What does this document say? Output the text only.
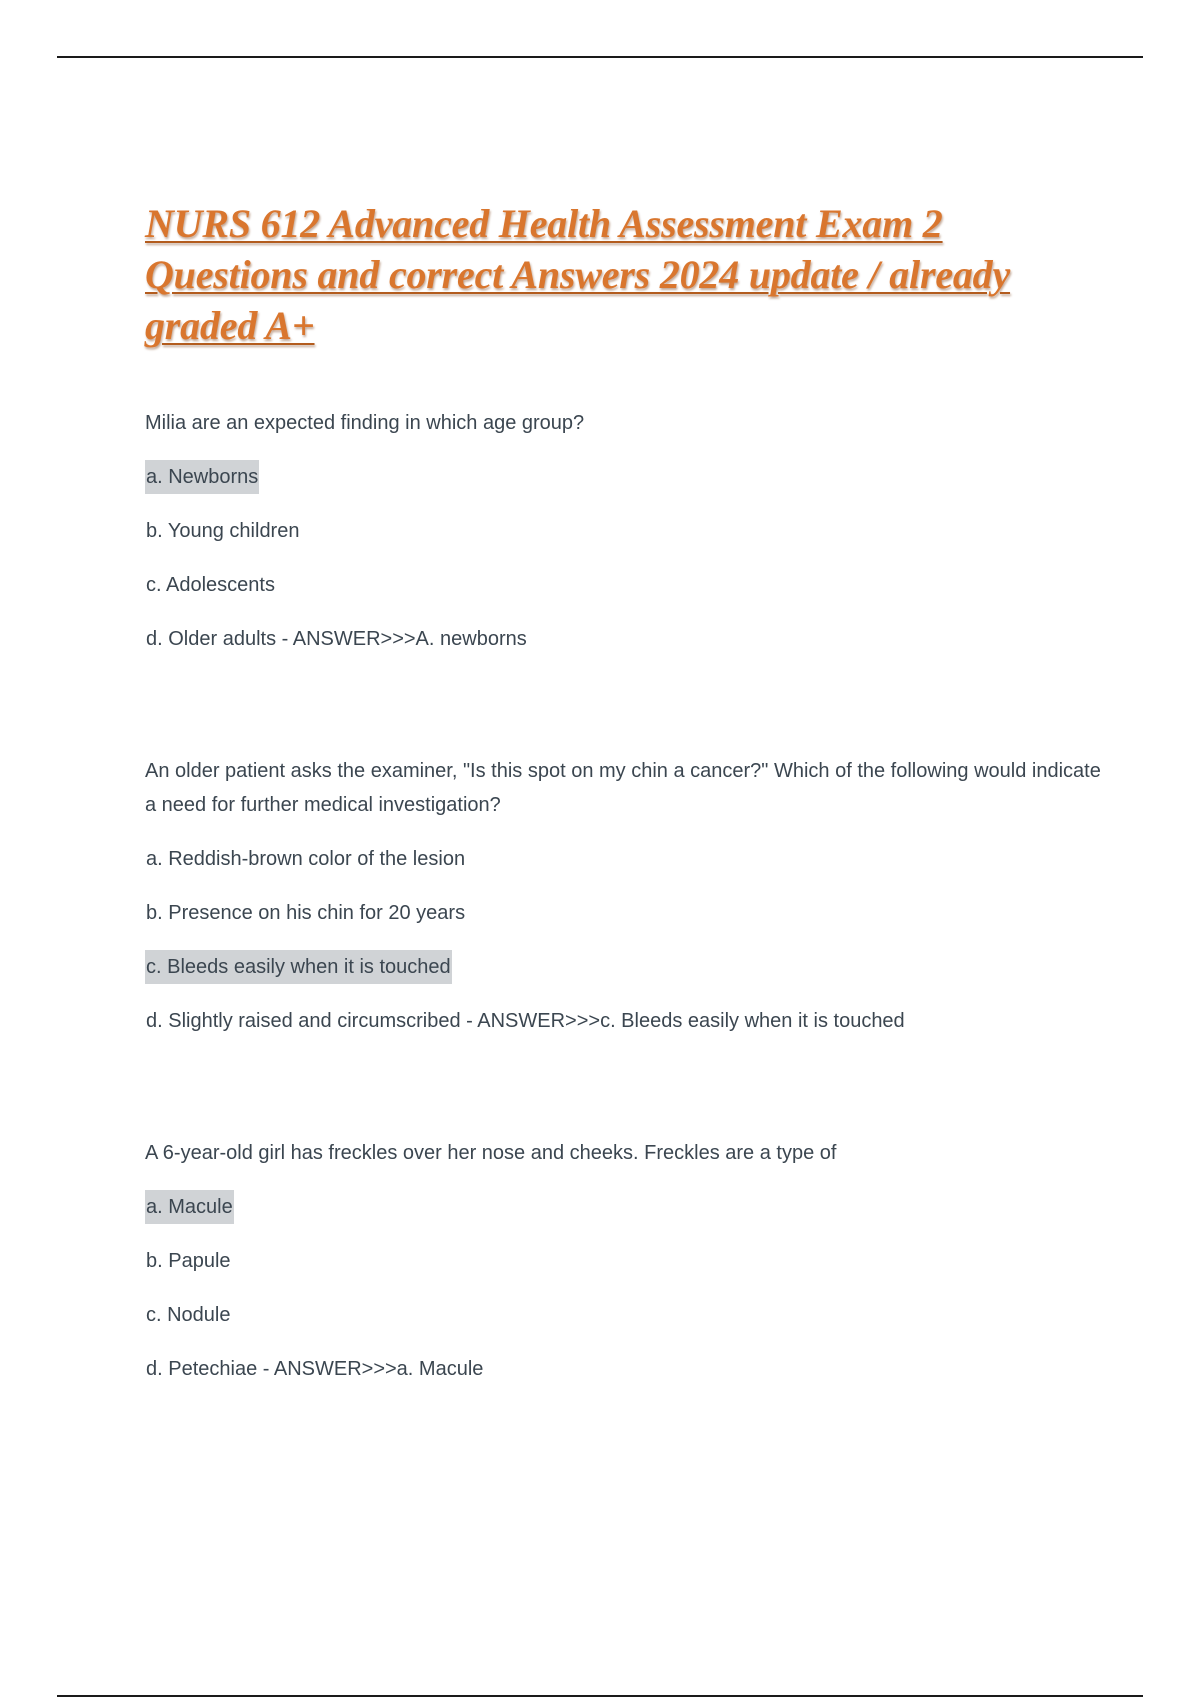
NURS 612 Advanced Health Assessment Exam 2 Questions and correct Answers 2024 update / already graded A+

Milia are an expected finding in which age group?

a. Newborns

b. Young children

c. Adolescents

d. Older adults - ANSWER>>>A. newborns

An older patient asks the examiner, "Is this spot on my chin a cancer?" Which of the following would indicate a need for further medical investigation?

a. Reddish-brown color of the lesion

b. Presence on his chin for 20 years

c. Bleeds easily when it is touched

d. Slightly raised and circumscribed - ANSWER>>>c. Bleeds easily when it is touched

A 6-year-old girl has freckles over her nose and cheeks. Freckles are a type of

a. Macule

b. Papule

c. Nodule

d. Petechiae - ANSWER>>>a. Macule
